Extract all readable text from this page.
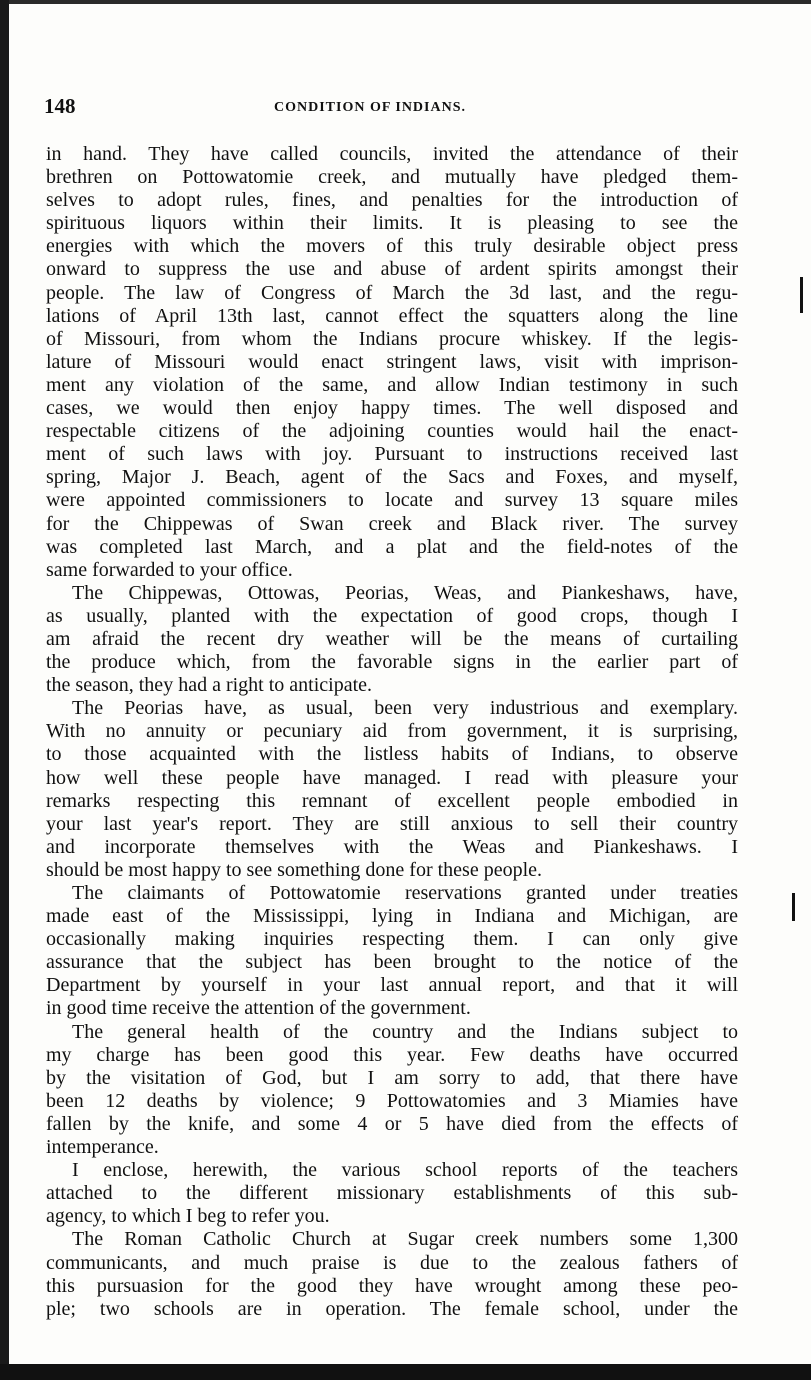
148	CONDITION OF INDIANS.
in hand. They have called councils, invited the attendance of their
brethren on Pottowatomie creek, and mutually have pledged them-
selves to adopt rules, fines, and penalties for the introduction of
spirituous liquors within their limits. It is pleasing to see the
energies with which the movers of this truly desirable object press
onward to suppress the use and abuse of ardent spirits amongst their
people. The law of Congress of March the 3d last, and the regu-
lations of April 13th last, cannot effect the squatters along the line
of Missouri, from whom the Indians procure whiskey. If the legis-
lature of Missouri would enact stringent laws, visit with imprison-
ment any violation of the same, and allow Indian testimony in such
cases, we would then enjoy happy times. The well disposed and
respectable citizens of the adjoining counties would hail the enact-
ment of such laws with joy. Pursuant to instructions received last
spring, Major J. Beach, agent of the Sacs and Foxes, and myself,
were appointed commissioners to locate and survey 13 square miles
for the Chippewas of Swan creek and Black river. The survey
was completed last March, and a plat and the field-notes of the
same forwarded to your office.
The Chippewas, Ottowas, Peorias, Weas, and Piankeshaws, have,
as usually, planted with the expectation of good crops, though I
am afraid the recent dry weather will be the means of curtailing
the produce which, from the favorable signs in the earlier part of
the season, they had a right to anticipate.
The Peorias have, as usual, been very industrious and exemplary.
With no annuity or pecuniary aid from government, it is surprising,
to those acquainted with the listless habits of Indians, to observe
how well these people have managed. I read with pleasure your
remarks respecting this remnant of excellent people embodied in
your last year's report. They are still anxious to sell their country
and incorporate themselves with the Weas and Piankeshaws. I
should be most happy to see something done for these people.
The claimants of Pottowatomie reservations granted under treaties
made east of the Mississippi, lying in Indiana and Michigan, are
occasionally making inquiries respecting them. I can only give
assurance that the subject has been brought to the notice of the
Department by yourself in your last annual report, and that it will
in good time receive the attention of the government.
The general health of the country and the Indians subject to
my charge has been good this year. Few deaths have occurred
by the visitation of God, but I am sorry to add, that there have
been 12 deaths by violence; 9 Pottowatomies and 3 Miamies have
fallen by the knife, and some 4 or 5 have died from the effects of
intemperance.
I enclose, herewith, the various school reports of the teachers
attached to the different missionary establishments of this sub-
agency, to which I beg to refer you.
The Roman Catholic Church at Sugar creek numbers some 1,300
communicants, and much praise is due to the zealous fathers of
this pursuasion for the good they have wrought among these peo-
ple; two schools are in operation. The female school, under the
